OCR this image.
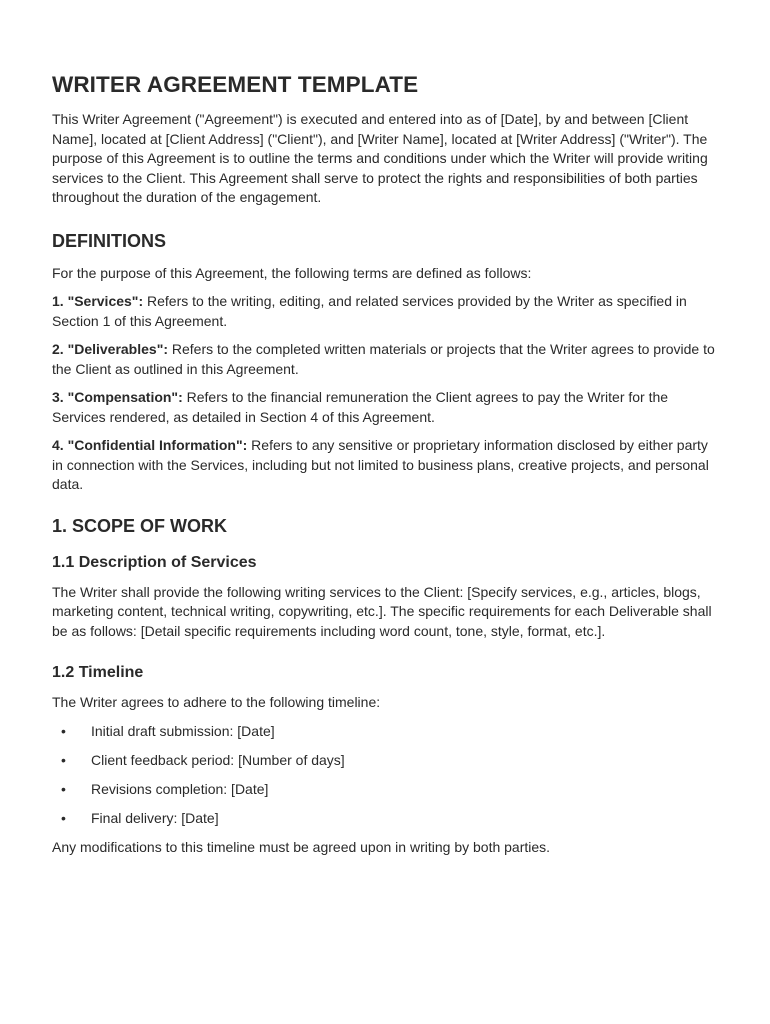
WRITER AGREEMENT TEMPLATE

This Writer Agreement ("Agreement") is executed and entered into as of [Date], by and between [Client Name], located at [Client Address] ("Client"), and [Writer Name], located at [Writer Address] ("Writer"). The purpose of this Agreement is to outline the terms and conditions under which the Writer will provide writing services to the Client. This Agreement shall serve to protect the rights and responsibilities of both parties throughout the duration of the engagement.

DEFINITIONS

For the purpose of this Agreement, the following terms are defined as follows:

1. "Services": Refers to the writing, editing, and related services provided by the Writer as specified in Section 1 of this Agreement.

2. "Deliverables": Refers to the completed written materials or projects that the Writer agrees to provide to the Client as outlined in this Agreement.

3. "Compensation": Refers to the financial remuneration the Client agrees to pay the Writer for the Services rendered, as detailed in Section 4 of this Agreement.

4. "Confidential Information": Refers to any sensitive or proprietary information disclosed by either party in connection with the Services, including but not limited to business plans, creative projects, and personal data.

1. SCOPE OF WORK
1.1 Description of Services

The Writer shall provide the following writing services to the Client: [Specify services, e.g., articles, blogs, marketing content, technical writing, copywriting, etc.]. The specific requirements for each Deliverable shall be as follows: [Detail specific requirements including word count, tone, style, format, etc.].

1.2 Timeline

The Writer agrees to adhere to the following timeline:

• Initial draft submission: [Date]
• Client feedback period: [Number of days]
• Revisions completion: [Date]
• Final delivery: [Date]

Any modifications to this timeline must be agreed upon in writing by both parties.
